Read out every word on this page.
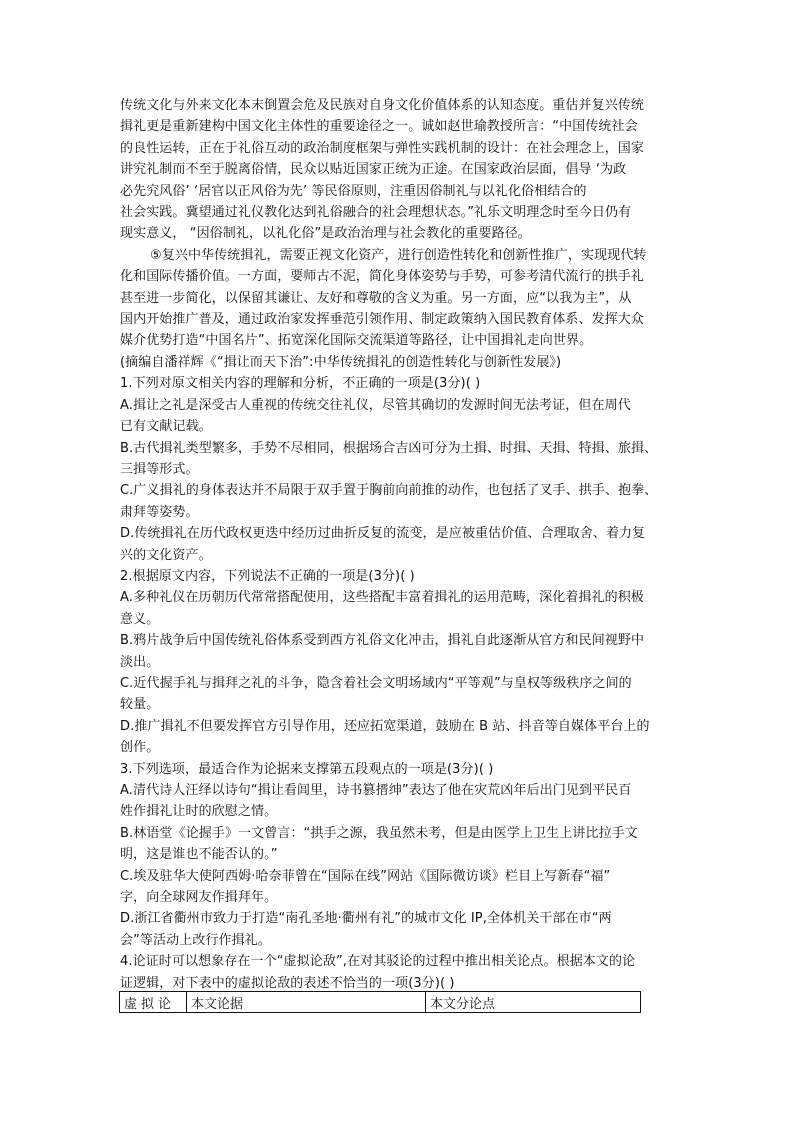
传统文化与外来文化本末倒置会危及民族对自身文化价值体系的认知态度。重估并复兴传统
揖礼更是重新建构中国文化主体性的重要途径之一。诚如赵世瑜教授所言：“中国传统社会
的良性运转，正在于礼俗互动的政治制度框架与弹性实践机制的设计：在社会理念上，国家
讲究礼制而不至于脱离俗情，民众以贴近国家正统为正途。在国家政治层面，倡导 ‘为政
必先究风俗’ ‘居官以正风俗为先’ 等民俗原则，注重因俗制礼与以礼化俗相结合的
社会实践。冀望通过礼仪教化达到礼俗融合的社会理想状态。”礼乐文明理念时至今日仍有
现实意义， “因俗制礼，以礼化俗”是政治治理与社会教化的重要路径。
⑤复兴中华传统揖礼，需要正视文化资产，进行创造性转化和创新性推广，实现现代转
化和国际传播价值。一方面，要师古不泥，简化身体姿势与手势，可参考清代流行的拱手礼
甚至进一步简化，以保留其谦让、友好和尊敬的含义为重。另一方面，应“以我为主”，从
国内开始推广普及，通过政治家发挥垂范引领作用、制定政策纳入国民教育体系、发挥大众
媒介优势打造“中国名片”、拓宽深化国际交流渠道等路径，让中国揖礼走向世界。
(摘编自潘祥辉《“揖让而天下治”:中华传统揖礼的创造性转化与创新性发展》)
1.下列对原文相关内容的理解和分析，不正确的一项是(3分)( )
A.揖让之礼是深受古人重视的传统交往礼仪，尽管其确切的发源时间无法考证，但在周代
已有文献记载。
B.古代揖礼类型繁多，手势不尽相同，根据场合吉凶可分为土揖、时揖、天揖、特揖、旅揖、
三揖等形式。
C.广义揖礼的身体表达并不局限于双手置于胸前向前推的动作，也包括了叉手、拱手、抱拳、
肃拜等姿势。
D.传统揖礼在历代政权更迭中经历过曲折反复的流变，是应被重估价值、合理取舍、着力复
兴的文化资产。
2.根据原文内容，下列说法不正确的一项是(3分)( )
A.多种礼仪在历朝历代常常搭配使用，这些搭配丰富着揖礼的运用范畴，深化着揖礼的积极
意义。
B.鸦片战争后中国传统礼俗体系受到西方礼俗文化冲击，揖礼自此逐渐从官方和民间视野中
淡出。
C.近代握手礼与揖拜之礼的斗争，隐含着社会文明场域内“平等观”与皇权等级秩序之间的
较量。
D.推广揖礼不但要发挥官方引导作用，还应拓宽渠道，鼓励在 B 站、抖音等自媒体平台上的
创作。
3.下列选项，最适合作为论据来支撑第五段观点的一项是(3分)( )
A.清代诗人汪绎以诗句“揖让看闾里，诗书篡搢绅”表达了他在灾荒凶年后出门见到平民百
姓作揖礼让时的欣慰之情。
B.林语堂《论握手》一文曾言：“拱手之源，我虽然未考，但是由医学上卫生上讲比拉手文
明，这是谁也不能否认的。”
C.埃及驻华大使阿西姆·哈奈菲曾在“国际在线”网站《国际微访谈》栏目上写新春“福”
字，向全球网友作揖拜年。
D.浙江省衢州市致力于打造“南孔圣地·衢州有礼”的城市文化 IP,全体机关干部在市“两
会”等活动上改行作揖礼。
4.论证时可以想象存在一个“虚拟论敌”,在对其驳论的过程中推出相关论点。根据本文的论
证逻辑，对下表中的虚拟论敌的表述不恰当的一项(3分)( )
虚拟论	本文论据	本文分论点
